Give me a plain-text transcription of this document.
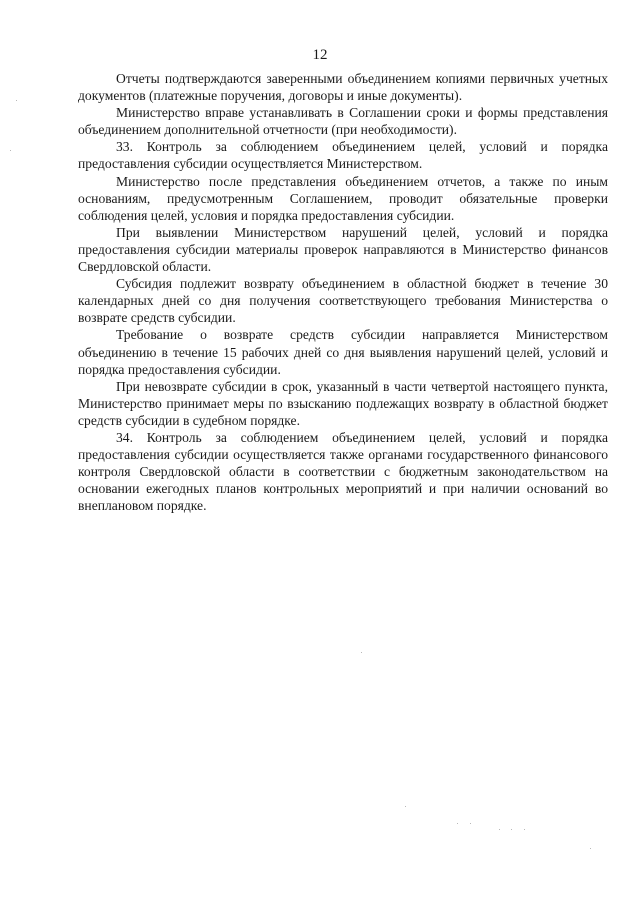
12

Отчеты подтверждаются заверенными объединением копиями первичных учетных документов (платежные поручения, договоры и иные документы).

Министерство вправе устанавливать в Соглашении сроки и формы представления объединением дополнительной отчетности (при необходимости).

33. Контроль за соблюдением объединением целей, условий и порядка предоставления субсидии осуществляется Министерством.

Министерство после представления объединением отчетов, а также по иным основаниям, предусмотренным Соглашением, проводит обязательные проверки соблюдения целей, условия и порядка предоставления субсидии.

При выявлении Министерством нарушений целей, условий и порядка предоставления субсидии материалы проверок направляются в Министерство финансов Свердловской области.

Субсидия подлежит возврату объединением в областной бюджет в течение 30 календарных дней со дня получения соответствующего требования Министерства о возврате средств субсидии.

Требование о возврате средств субсидии направляется Министерством объединению в течение 15 рабочих дней со дня выявления нарушений целей, условий и порядка предоставления субсидии.

При невозврате субсидии в срок, указанный в части четвертой настоящего пункта, Министерство принимает меры по взысканию подлежащих возврату в областной бюджет средств субсидии в судебном порядке.

34. Контроль за соблюдением объединением целей, условий и порядка предоставления субсидии осуществляется также органами государственного финансового контроля Свердловской области в соответствии с бюджетным законодательством на основании ежегодных планов контрольных мероприятий и при наличии оснований во внеплановом порядке.
